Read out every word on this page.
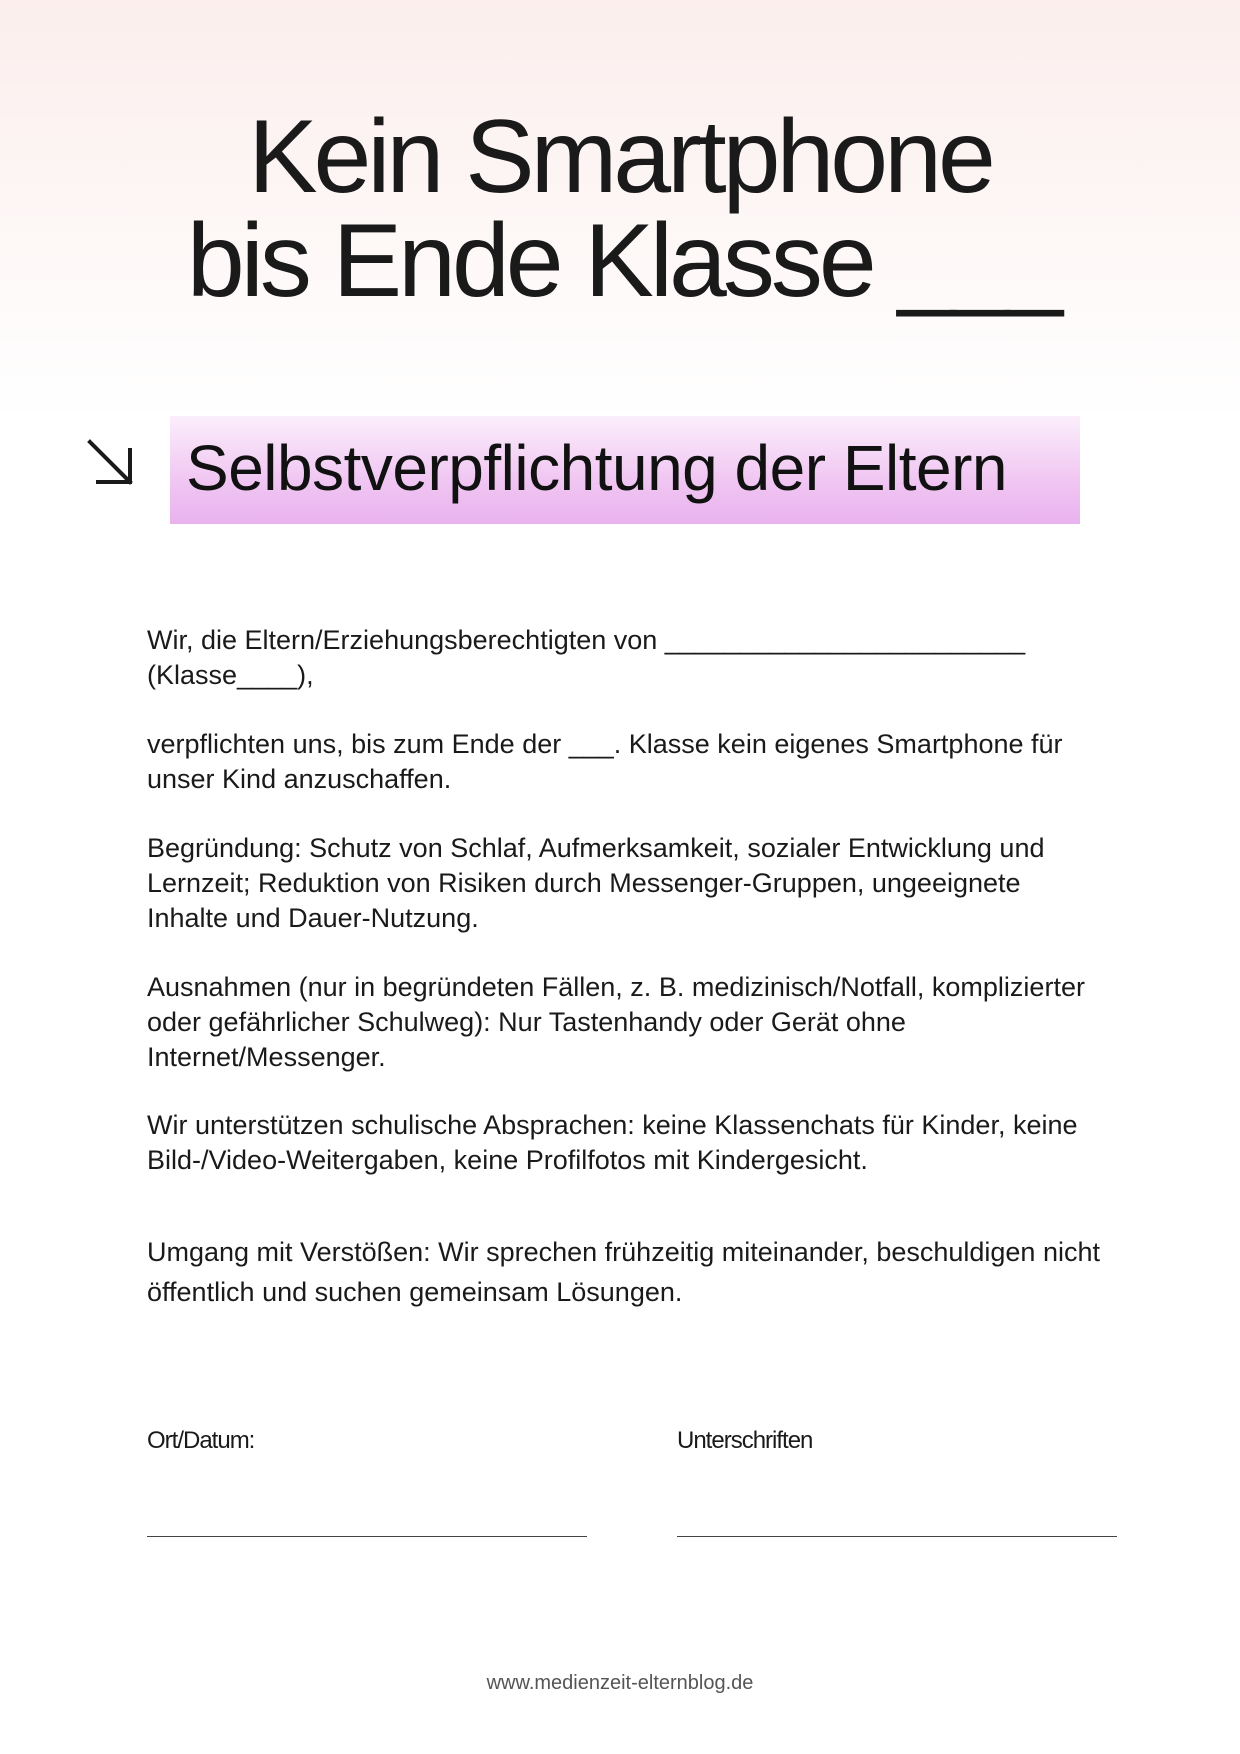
Kein Smartphone
bis Ende Klasse ___
Selbstverpflichtung der Eltern

Wir, die Eltern/Erziehungsberechtigten von ________________________ (Klasse____),

verpflichten uns, bis zum Ende der ___. Klasse kein eigenes Smartphone für unser Kind anzuschaffen.

Begründung: Schutz von Schlaf, Aufmerksamkeit, sozialer Entwicklung und Lernzeit; Reduktion von Risiken durch Messenger-Gruppen, ungeeignete Inhalte und Dauer-Nutzung.

Ausnahmen (nur in begründeten Fällen, z. B. medizinisch/Notfall, komplizierter oder gefährlicher Schulweg): Nur Tastenhandy oder Gerät ohne Internet/Messenger.

Wir unterstützen schulische Absprachen: keine Klassenchats für Kinder, keine Bild-/Video-Weitergaben, keine Profilfotos mit Kindergesicht.

Umgang mit Verstößen: Wir sprechen frühzeitig miteinander, beschuldigen nicht öffentlich und suchen gemeinsam Lösungen.

Ort/Datum:	Unterschriften
www.medienzeit-elternblog.de
